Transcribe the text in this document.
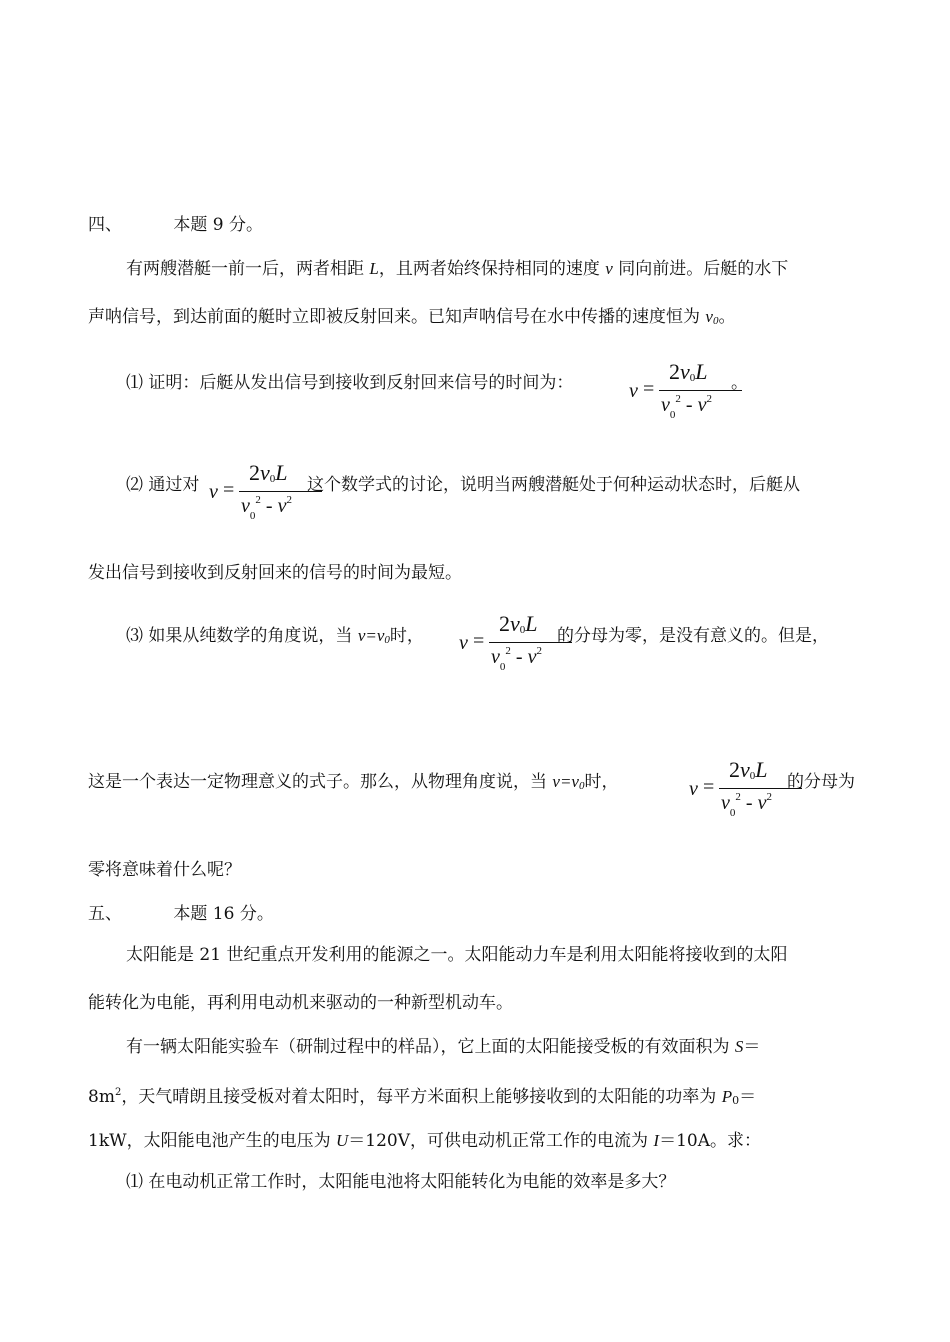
四、	本题 9 分。
有两艘潜艇一前一后，两者相距 L，且两者始终保持相同的速度 v 同向前进。后艇的水下
声呐信号，到达前面的艇时立即被反射回来。已知声呐信号在水中传播的速度恒为 v0。
⑴ 证明：后艇从发出信号到接收到反射回来信号的时间为：	v =
2v0L
$v_0^2 - v^2$
。
⑵ 通过对 v =
2v0L
$v_0^2 - v^2$
这个数学式的讨论，说明当两艘潜艇处于何种运动状态时，后艇从
发出信号到接收到反射回来的信号的时间为最短。
⑶ 如果从纯数学的角度说，当 v=v0时， v =
2v0L
$v_0^2 - v^2$
的分母为零，是没有意义的。但是，
这是一个表达一定物理意义的式子。那么，从物理角度说，当 v=v0时，	v =
2v0L
$v_0^2 - v^2$
的分母为
零将意味着什么呢？
五、	本题 16 分。
太阳能是 21 世纪重点开发利用的能源之一。太阳能动力车是利用太阳能将接收到的太阳
能转化为电能，再利用电动机来驱动的一种新型机动车。
有一辆太阳能实验车（研制过程中的样品），它上面的太阳能接受板的有效面积为 S＝
$8m^2$，天气晴朗且接受板对着太阳时，每平方米面积上能够接收到的太阳能的功率为 P0＝
1kW，太阳能电池产生的电压为 U＝120V，可供电动机正常工作的电流为 I＝10A。求：
⑴ 在电动机正常工作时，太阳能电池将太阳能转化为电能的效率是多大？
